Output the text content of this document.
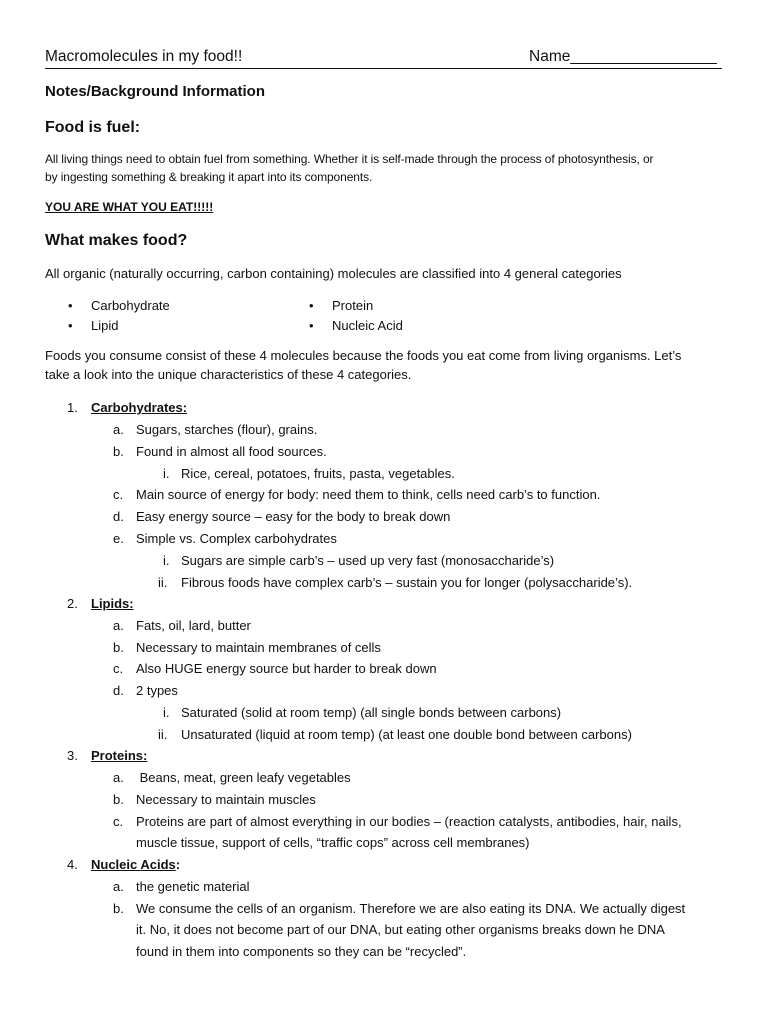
Macromolecules in my food!!	Name_________________
Notes/Background Information
Food is fuel:
All living things need to obtain fuel from something. Whether it is self-made through the process of photosynthesis, or
by ingesting something & breaking it apart into its components.
YOU ARE WHAT YOU EAT!!!!!
What makes food?
All organic (naturally occurring, carbon containing) molecules are classified into 4 general categories
• Carbohydrate
• Lipid
• Protein
• Nucleic Acid
Foods you consume consist of these 4 molecules because the foods you eat come from living organisms. Let’s
take a look into the unique characteristics of these 4 categories.
1. Carbohydrates:
a. Sugars, starches (flour), grains.
b. Found in almost all food sources.
i. Rice, cereal, potatoes, fruits, pasta, vegetables.
c. Main source of energy for body: need them to think, cells need carb’s to function.
d. Easy energy source – easy for the body to break down
e. Simple vs. Complex carbohydrates
i. Sugars are simple carb’s – used up very fast (monosaccharide’s)
ii. Fibrous foods have complex carb’s – sustain you for longer (polysaccharide’s).
2. Lipids:
a. Fats, oil, lard, butter
b. Necessary to maintain membranes of cells
c. Also HUGE energy source but harder to break down
d. 2 types
i. Saturated (solid at room temp) (all single bonds between carbons)
ii. Unsaturated (liquid at room temp) (at least one double bond between carbons)
3. Proteins:
a. Beans, meat, green leafy vegetables
b. Necessary to maintain muscles
c. Proteins are part of almost everything in our bodies – (reaction catalysts, antibodies, hair, nails,
muscle tissue, support of cells, “traffic cops” across cell membranes)
4. Nucleic Acids:
a. the genetic material
b. We consume the cells of an organism. Therefore we are also eating its DNA. We actually digest
it. No, it does not become part of our DNA, but eating other organisms breaks down he DNA
found in them into components so they can be “recycled”.
